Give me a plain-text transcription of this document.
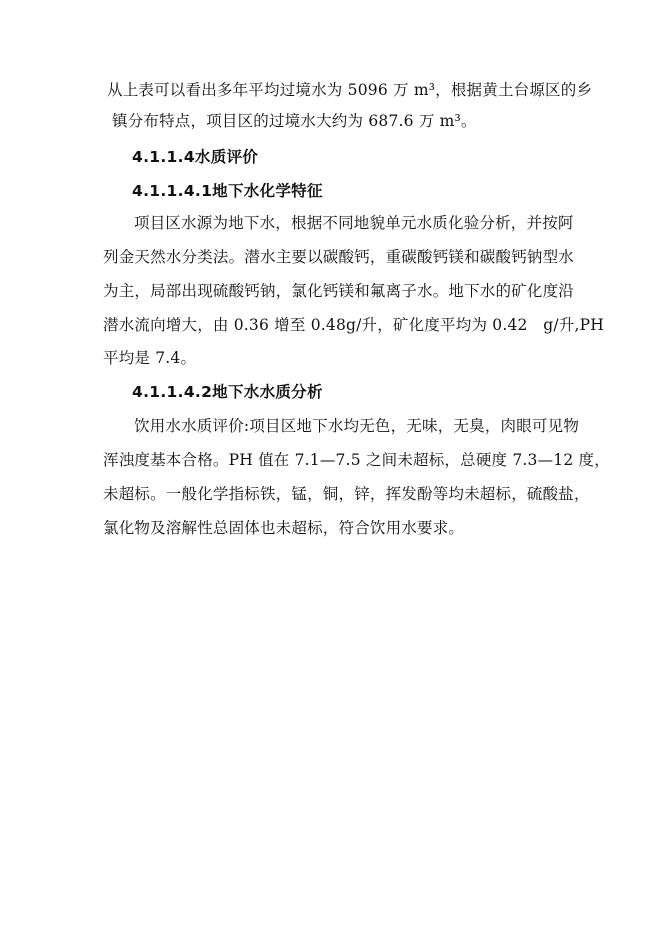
从上表可以看出多年平均过境水为 5096 万 m³，根据黄土台塬区的乡
镇分布特点，项目区的过境水大约为 687.6 万 m³。
4.1.1.4水质评价
4.1.1.4.1地下水化学特征
项目区水源为地下水，根据不同地貌单元水质化验分析，并按阿
列金天然水分类法。潜水主要以碳酸钙，重碳酸钙镁和碳酸钙钠型水
为主，局部出现硫酸钙钠，氯化钙镁和氟离子水。地下水的矿化度沿
潜水流向增大，由 0.36 增至 0.48g/升，矿化度平均为 0.42　g/升,PH
平均是 7.4。
4.1.1.4.2地下水水质分析
饮用水水质评价:项目区地下水均无色，无味，无臭，肉眼可见物
浑浊度基本合格。PH 值在 7.1—7.5 之间未超标，总硬度 7.3—12 度，
未超标。一般化学指标铁，锰，铜，锌，挥发酚等均未超标，硫酸盐，
氯化物及溶解性总固体也未超标，符合饮用水要求。
